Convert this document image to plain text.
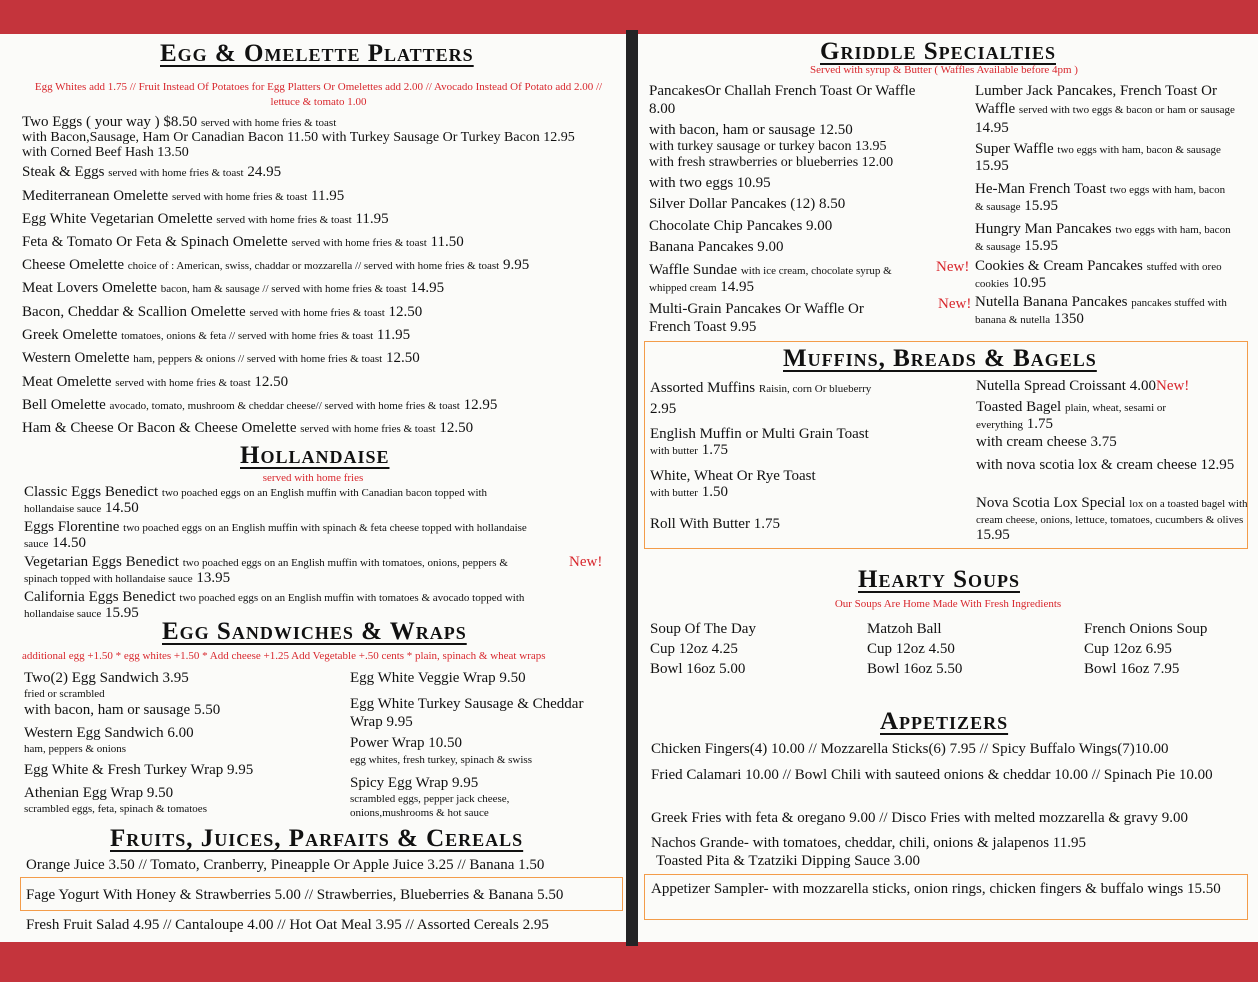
Egg & Omelette Platters
Egg Whites add 1.75 // Fruit Instead Of Potatoes for Egg Platters Or Omelettes add 2.00 // Avocado Instead Of Potato add 2.00 // lettuce & tomato 1.00
Two Eggs ( your way ) $8.50 served with home fries & toast
with Bacon,Sausage, Ham Or Canadian Bacon 11.50 with Turkey Sausage Or Turkey Bacon 12.95
with Corned Beef Hash 13.50
Steak & Eggs served with home fries & toast 24.95
Mediterranean Omelette served with home fries & toast 11.95
Egg White Vegetarian Omelette served with home fries & toast 11.95
Feta & Tomato Or Feta & Spinach Omelette served with home fries & toast 11.50
Cheese Omelette choice of : American, swiss, chaddar or mozzarella // served with home fries & toast 9.95
Meat Lovers Omelette bacon, ham & sausage // served with home fries & toast 14.95
Bacon, Cheddar & Scallion Omelette served with home fries & toast 12.50
Greek Omelette tomatoes, onions & feta // served with home fries & toast 11.95
Western Omelette ham, peppers & onions // served with home fries & toast 12.50
Meat Omelette served with home fries & toast 12.50
Bell Omelette avocado, tomato, mushroom & cheddar cheese// served with home fries & toast 12.95
Ham & Cheese Or Bacon & Cheese Omelette served with home fries & toast 12.50
Hollandaise
served with home fries
Classic Eggs Benedict two poached eggs on an English muffin with Canadian bacon topped with
hollandaise sauce 14.50
Eggs Florentine two poached eggs on an English muffin with spinach & feta cheese topped with hollandaise
sauce 14.50
Vegetarian Eggs Benedict two poached eggs on an English muffin with tomatoes, onions, peppers &
spinach topped with hollandaise sauce 13.95
California Eggs Benedict two poached eggs on an English muffin with tomatoes & avocado topped with
hollandaise sauce 15.95
New!
Egg Sandwiches & Wraps
additional egg +1.50 * egg whites +1.50 * Add cheese +1.25 Add Vegetable +.50 cents * plain, spinach & wheat wraps
Two(2) Egg Sandwich 3.95
fried or scrambled
with bacon, ham or sausage 5.50
Western Egg Sandwich 6.00
ham, peppers & onions
Egg White & Fresh Turkey Wrap 9.95
Athenian Egg Wrap 9.50
scrambled eggs, feta, spinach & tomatoes
Egg White Veggie Wrap 9.50
Egg White Turkey Sausage & Cheddar Wrap 9.95
Power Wrap 10.50
egg whites, fresh turkey, spinach & swiss
Spicy Egg Wrap 9.95
scrambled eggs, pepper jack cheese, onions,mushrooms & hot sauce
Fruits, Juices, Parfaits & Cereals
Orange Juice 3.50 // Tomato, Cranberry, Pineapple Or Apple Juice 3.25 // Banana 1.50
Fage Yogurt With Honey & Strawberries 5.00 // Strawberries, Blueberries & Banana 5.50
Fresh Fruit Salad 4.95 // Cantaloupe 4.00 // Hot Oat Meal 3.95 // Assorted Cereals 2.95
Griddle Specialties
Served with syrup & Butter ( Waffles Available before 4pm )
PancakesOr Challah French Toast Or Waffle 8.00
with bacon, ham or sausage 12.50
with turkey sausage or turkey bacon 13.95
with fresh strawberries or blueberries 12.00
with two eggs 10.95
Silver Dollar Pancakes (12) 8.50
Chocolate Chip Pancakes 9.00
Banana Pancakes 9.00
Waffle Sundae with ice cream, chocolate syrup & whipped cream 14.95
Multi-Grain Pancakes Or Waffle Or French Toast 9.95
Lumber Jack Pancakes, French Toast Or Waffle served with two eggs & bacon or ham or sausage 14.95
Super Waffle two eggs with ham, bacon & sausage 15.95
He-Man French Toast two eggs with ham, bacon & sausage 15.95
Hungry Man Pancakes two eggs with ham, bacon & sausage 15.95
New! Cookies & Cream Pancakes stuffed with oreo cookies 10.95
New! Nutella Banana Pancakes pancakes stuffed with banana & nutella 1350
Muffins, Breads & Bagels
Assorted Muffins Raisin, corn Or blueberry 2.95
English Muffin or Multi Grain Toast
with butter 1.75
White, Wheat Or Rye Toast
with butter 1.50
Roll With Butter 1.75
Nutella Spread Croissant 4.00New!
Toasted Bagel plain, wheat, sesami or everything 1.75
with cream cheese 3.75
with nova scotia lox & cream cheese 12.95
Nova Scotia Lox Special lox on a toasted bagel with cream cheese, onions, lettuce, tomatoes, cucumbers & olives 15.95
Hearty Soups
Our Soups Are Home Made With Fresh Ingredients
Soup Of The Day
Cup 12oz 4.25
Bowl 16oz 5.00
Matzoh Ball
Cup 12oz 4.50
Bowl 16oz 5.50
French Onions Soup
Cup 12oz 6.95
Bowl 16oz 7.95
Appetizers
Chicken Fingers(4) 10.00 // Mozzarella Sticks(6) 7.95 // Spicy Buffalo Wings(7)10.00
Fried Calamari 10.00 // Bowl Chili with sauteed onions & cheddar 10.00 // Spinach Pie 10.00
Greek Fries with feta & oregano 9.00 // Disco Fries with melted mozzarella & gravy 9.00
Nachos Grande- with tomatoes, cheddar, chili, onions & jalapenos 11.95
Toasted Pita & Tzatziki Dipping Sauce 3.00
Appetizer Sampler- with mozzarella sticks, onion rings, chicken fingers & buffalo wings 15.50
